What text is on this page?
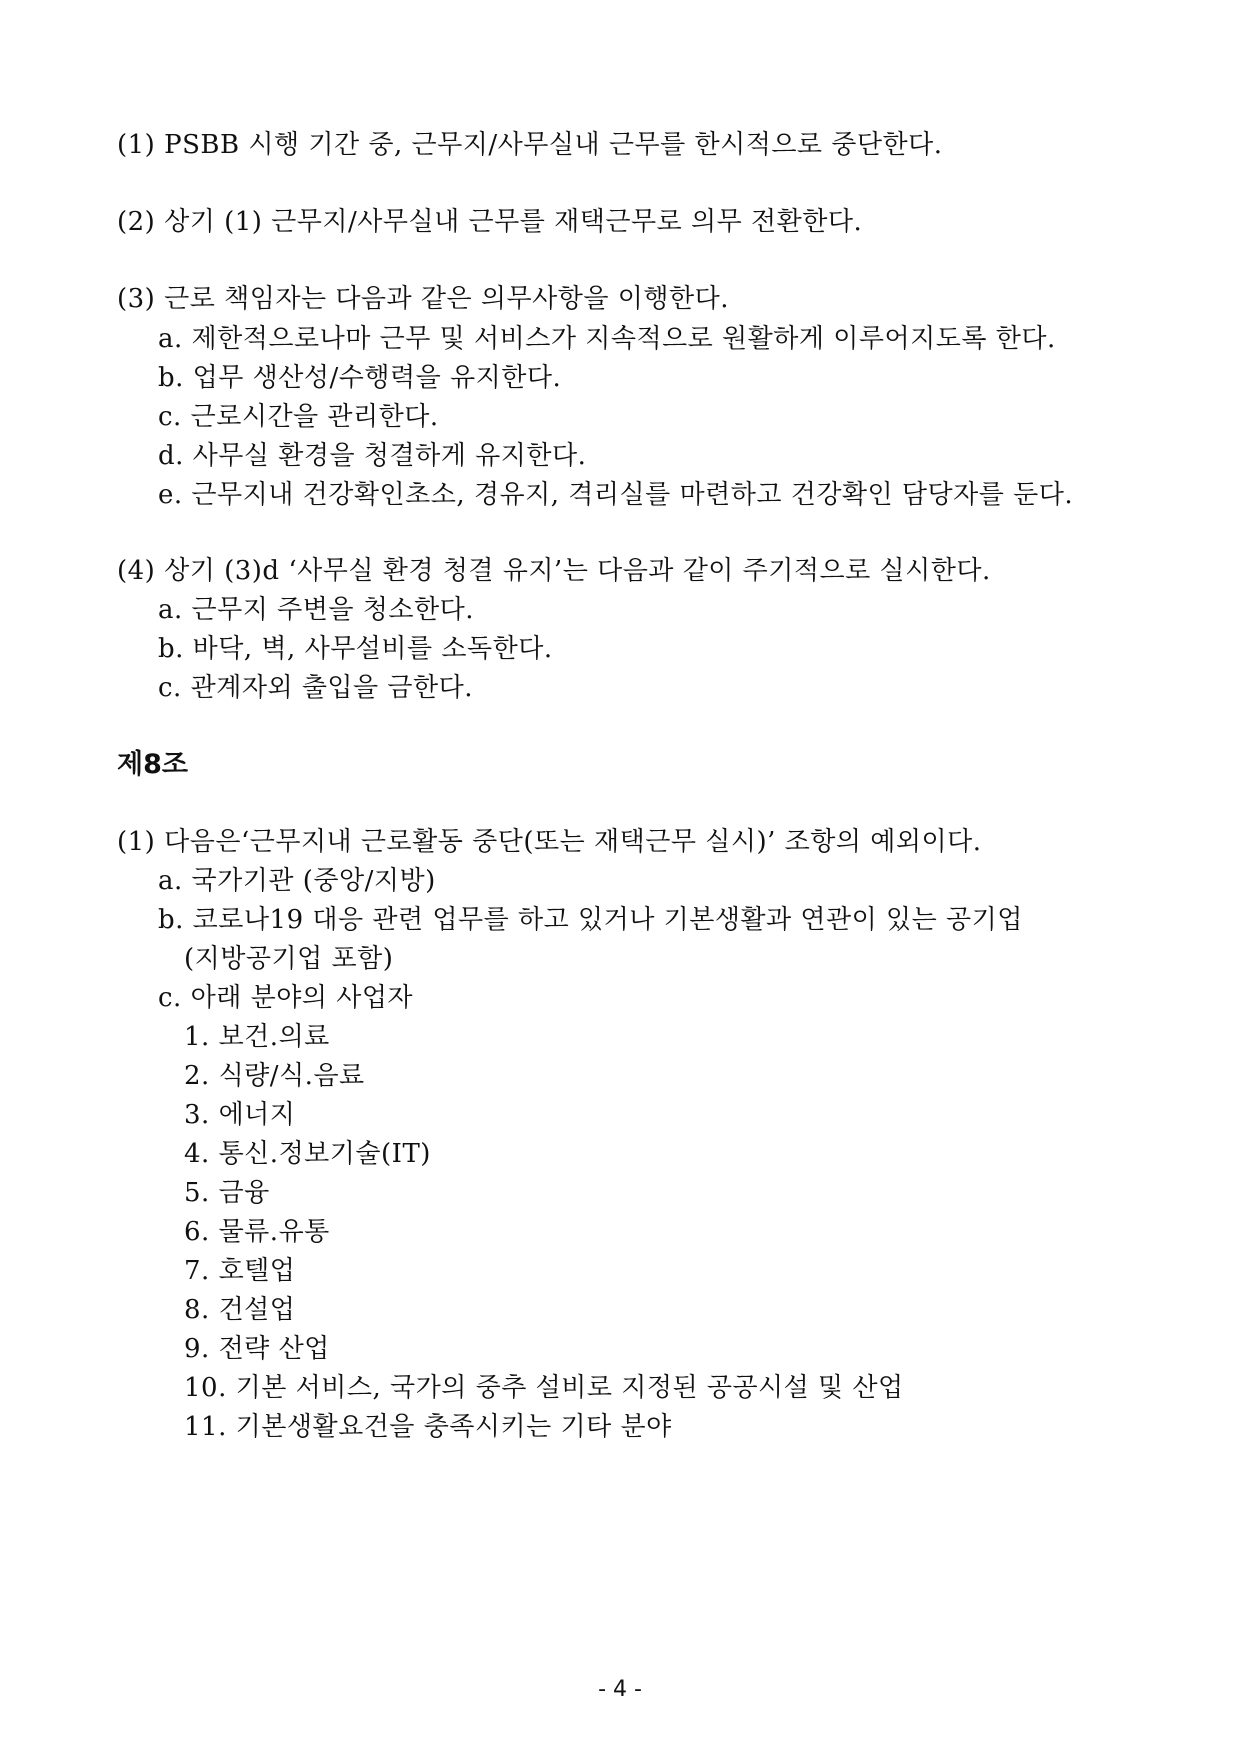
(1) PSBB 시행 기간 중, 근무지/사무실내 근무를 한시적으로 중단한다.
(2) 상기 (1) 근무지/사무실내 근무를 재택근무로 의무 전환한다.
(3) 근로 책임자는 다음과 같은 의무사항을 이행한다.
a. 제한적으로나마 근무 및 서비스가 지속적으로 원활하게 이루어지도록 한다.
b. 업무 생산성/수행력을 유지한다.
c. 근로시간을 관리한다.
d. 사무실 환경을 청결하게 유지한다.
e. 근무지내 건강확인초소, 경유지, 격리실를 마련하고 건강확인 담당자를 둔다.
(4) 상기 (3)d ‘사무실 환경 청결 유지’는 다음과 같이 주기적으로 실시한다.
a. 근무지 주변을 청소한다.
b. 바닥, 벽, 사무설비를 소독한다.
c. 관계자외 출입을 금한다.
제8조
(1) 다음은‘근무지내 근로활동 중단(또는 재택근무 실시)’ 조항의 예외이다.
a. 국가기관 (중앙/지방)
b. 코로나19 대응 관련 업무를 하고 있거나 기본생활과 연관이 있는 공기업
(지방공기업 포함)
c. 아래 분야의 사업자
1. 보건.의료
2. 식량/식.음료
3. 에너지
4. 통신.정보기술(IT)
5. 금융
6. 물류.유통
7. 호텔업
8. 건설업
9. 전략 산업
10. 기본 서비스, 국가의 중추 설비로 지정된 공공시설 및 산업
11. 기본생활요건을 충족시키는 기타 분야
- 4 -
